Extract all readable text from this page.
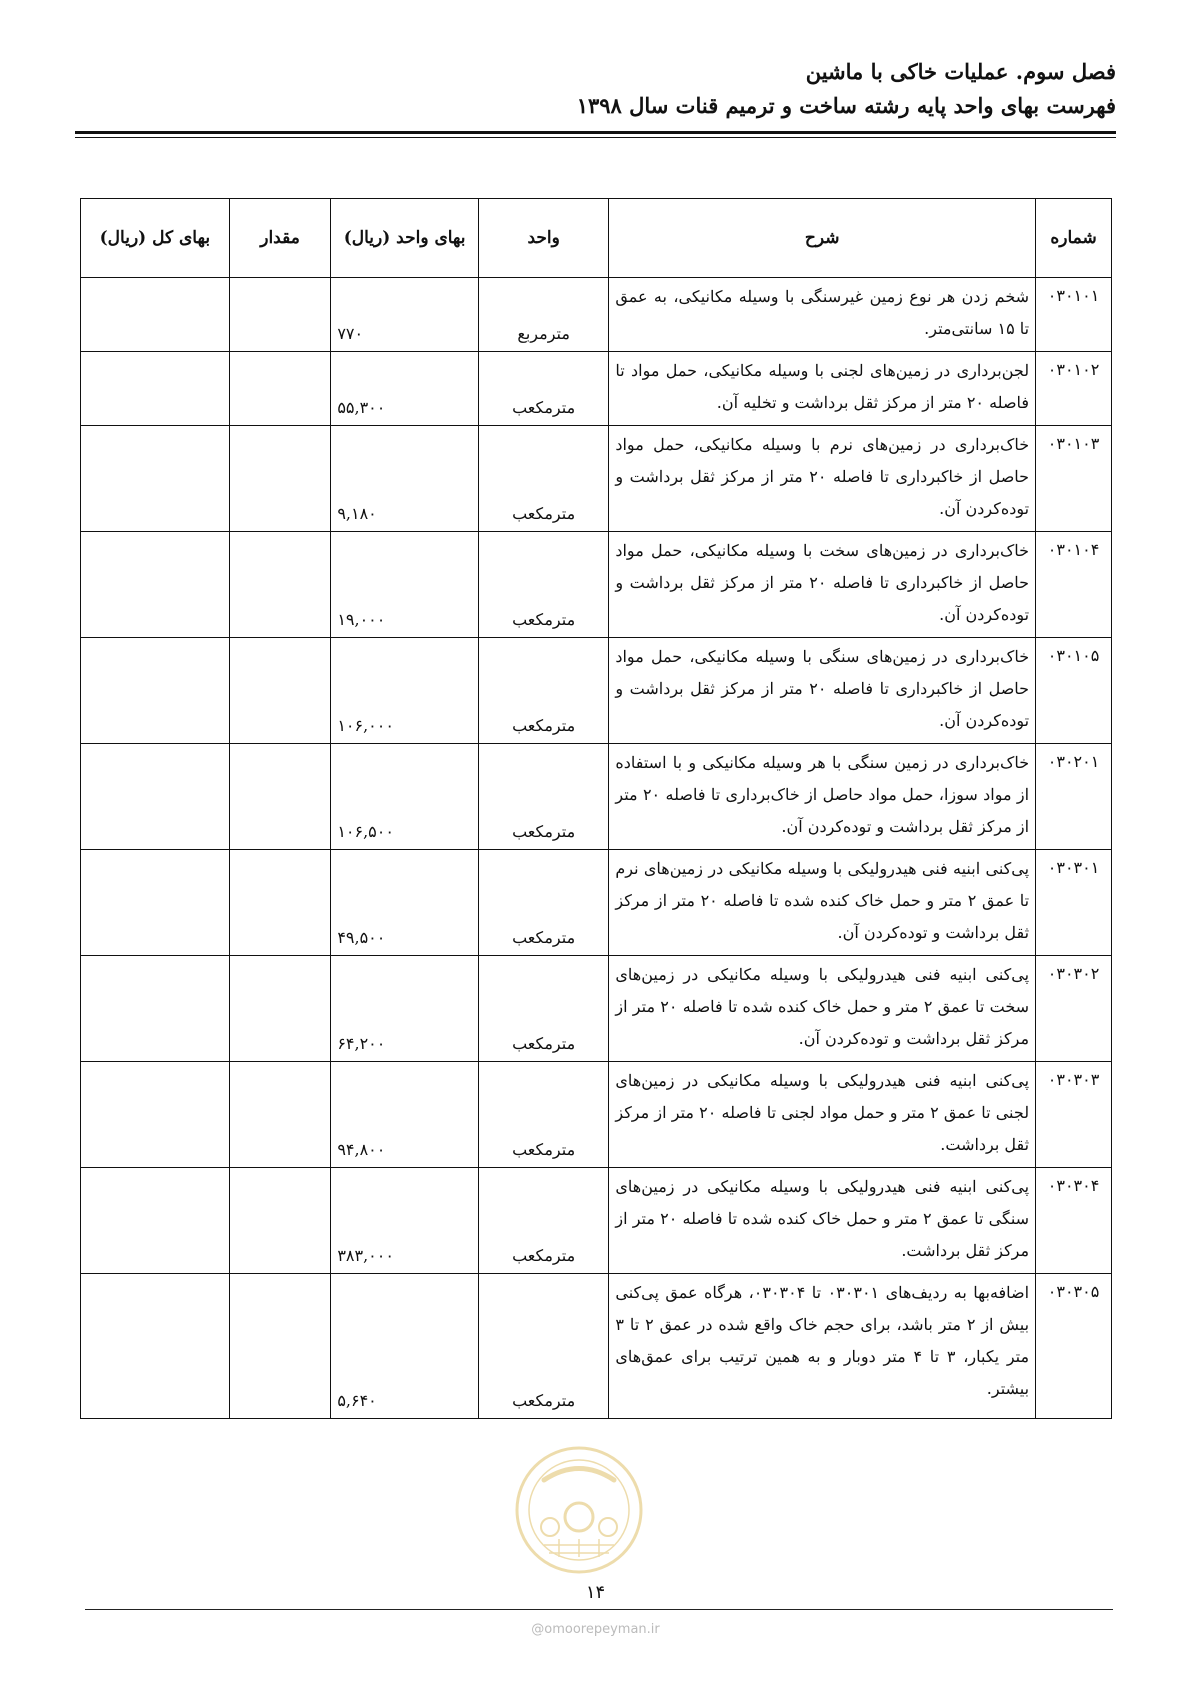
فصل سوم. عملیات خاکی با ماشین
فهرست بهای واحد پایه رشته ساخت و ترمیم قنات سال ۱۳۹۸
شماره	شرح	واحد	بهای واحد (ریال)	مقدار	بهای کل (ریال)
۰۳۰۱۰۱	شخم زدن هر نوع زمین غیرسنگی با وسیله مکانیکی، به عمق تا ۱۵ سانتی‌متر.	مترمربع	۷۷۰		
۰۳۰۱۰۲	لجن‌برداری در زمین‌های لجنی با وسیله مکانیکی، حمل مواد تا فاصله ۲۰ متر از مرکز ثقل برداشت و تخلیه آن.	مترمکعب	۵۵,۳۰۰		
۰۳۰۱۰۳	خاک‌برداری در زمین‌های نرم با وسیله مکانیکی، حمل مواد حاصل از خاکبرداری تا فاصله ۲۰ متر از مرکز ثقل برداشت و توده‌کردن آن.	مترمکعب	۹,۱۸۰		
۰۳۰۱۰۴	خاک‌برداری در زمین‌های سخت با وسیله مکانیکی، حمل مواد حاصل از خاکبرداری تا فاصله ۲۰ متر از مرکز ثقل برداشت و توده‌کردن آن.	مترمکعب	۱۹,۰۰۰		
۰۳۰۱۰۵	خاک‌برداری در زمین‌های سنگی با وسیله مکانیکی، حمل مواد حاصل از خاکبرداری تا فاصله ۲۰ متر از مرکز ثقل برداشت و توده‌کردن آن.	مترمکعب	۱۰۶,۰۰۰		
۰۳۰۲۰۱	خاک‌برداری در زمین سنگی با هر وسیله مکانیکی و با استفاده از مواد سوزا، حمل مواد حاصل از خاک‌برداری تا فاصله ۲۰ متر از مرکز ثقل برداشت و توده‌کردن آن.	مترمکعب	۱۰۶,۵۰۰		
۰۳۰۳۰۱	پی‌کنی ابنیه فنی هیدرولیکی با وسیله مکانیکی در زمین‌های نرم تا عمق ۲ متر و حمل خاک کنده شده تا فاصله ۲۰ متر از مرکز ثقل برداشت و توده‌کردن آن.	مترمکعب	۴۹,۵۰۰		
۰۳۰۳۰۲	پی‌کنی ابنیه فنی هیدرولیکی با وسیله مکانیکی در زمین‌های سخت تا عمق ۲ متر و حمل خاک کنده شده تا فاصله ۲۰ متر از مرکز ثقل برداشت و توده‌کردن آن.	مترمکعب	۶۴,۲۰۰		
۰۳۰۳۰۳	پی‌کنی ابنیه فنی هیدرولیکی با وسیله مکانیکی در زمین‌های لجنی تا عمق ۲ متر و حمل مواد لجنی تا فاصله ۲۰ متر از مرکز ثقل برداشت.	مترمکعب	۹۴,۸۰۰		
۰۳۰۳۰۴	پی‌کنی ابنیه فنی هیدرولیکی با وسیله مکانیکی در زمین‌های سنگی تا عمق ۲ متر و حمل خاک کنده شده تا فاصله ۲۰ متر از مرکز ثقل برداشت.	مترمکعب	۳۸۳,۰۰۰		
۰۳۰۳۰۵	اضافه‌بها به ردیف‌های ۰۳۰۳۰۱ تا ۰۳۰۳۰۴، هرگاه عمق پی‌کنی بیش از ۲ متر باشد، برای حجم خاک واقع شده در عمق ۲ تا ۳ متر یکبار، ۳ تا ۴ متر دوبار و به همین ترتیب برای عمق‌های بیشتر.	مترمکعب	۵,۶۴۰		
۱۴
@omoorepeyman.ir
